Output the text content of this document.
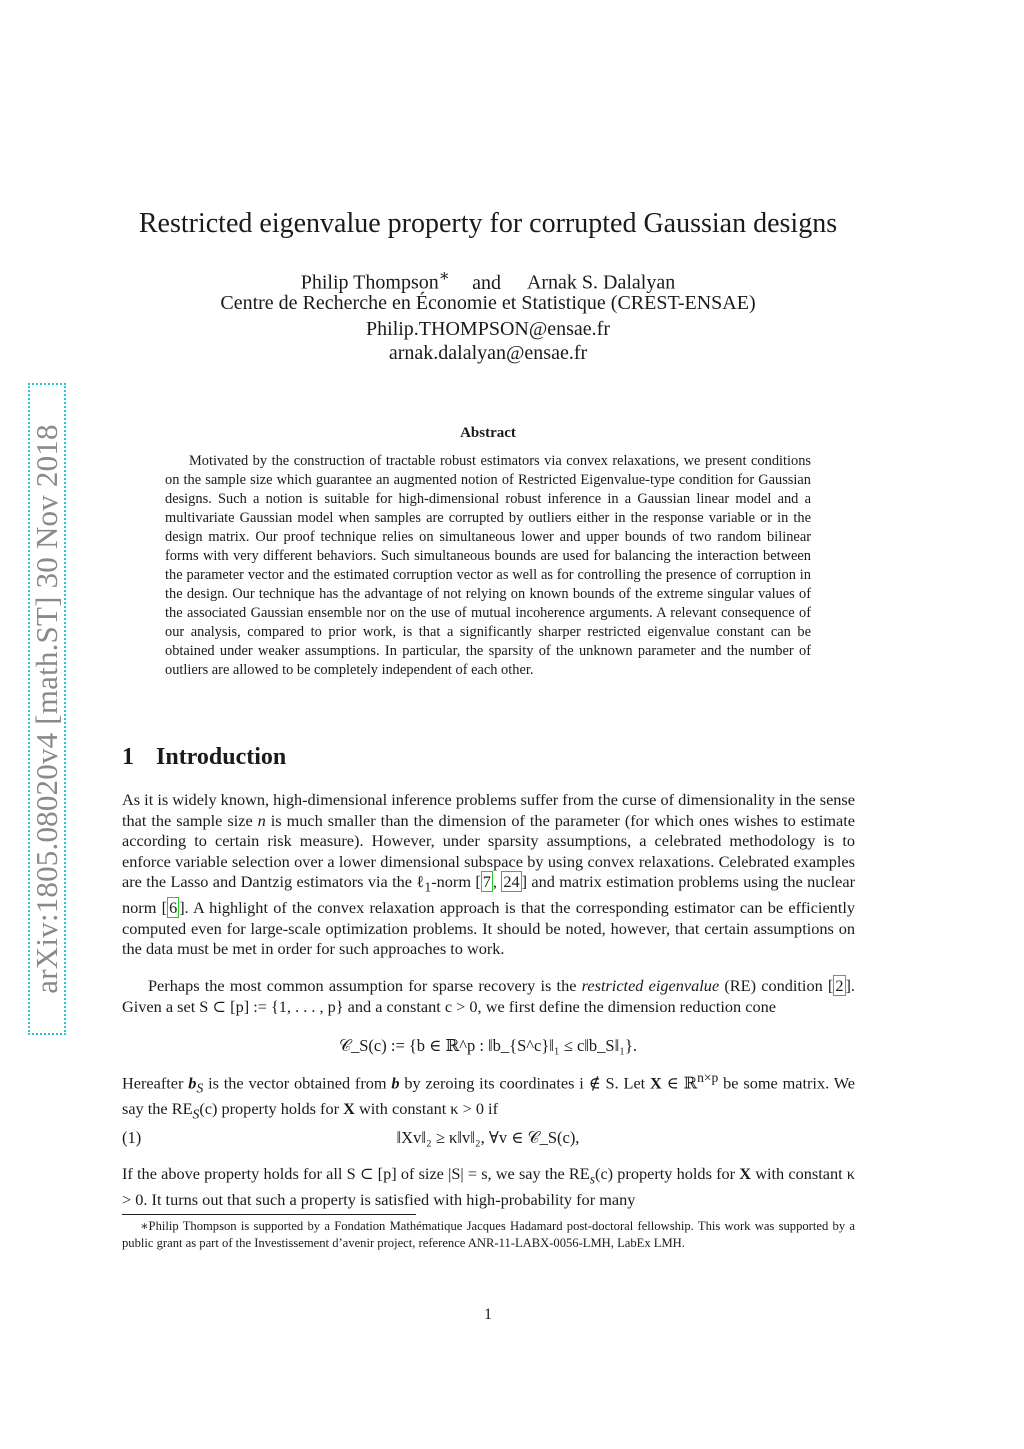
arXiv:1805.08020v4 [math.ST] 30 Nov 2018
Restricted eigenvalue property for corrupted Gaussian designs
Philip Thompson∗ and Arnak S. Dalalyan
Centre de Recherche en Économie et Statistique (CREST-ENSAE)
Philip.THOMPSON@ensae.fr
arnak.dalalyan@ensae.fr
Abstract
Motivated by the construction of tractable robust estimators via convex relaxations, we present conditions on the sample size which guarantee an augmented notion of Restricted Eigenvalue-type condition for Gaussian designs. Such a notion is suitable for high-dimensional robust inference in a Gaussian linear model and a multivariate Gaussian model when samples are corrupted by outliers either in the response variable or in the design matrix. Our proof technique relies on simultaneous lower and upper bounds of two random bilinear forms with very different behaviors. Such simultaneous bounds are used for balancing the interaction between the parameter vector and the estimated corruption vector as well as for controlling the presence of corruption in the design. Our technique has the advantage of not relying on known bounds of the extreme singular values of the associated Gaussian ensemble nor on the use of mutual incoherence arguments. A relevant consequence of our analysis, compared to prior work, is that a significantly sharper restricted eigenvalue constant can be obtained under weaker assumptions. In particular, the sparsity of the unknown parameter and the number of outliers are allowed to be completely independent of each other.
1 Introduction
As it is widely known, high-dimensional inference problems suffer from the curse of dimensionality in the sense that the sample size n is much smaller than the dimension of the parameter (for which ones wishes to estimate according to certain risk measure). However, under sparsity assumptions, a celebrated methodology is to enforce variable selection over a lower dimensional subspace by using convex relaxations. Celebrated examples are the Lasso and Dantzig estimators via the ℓ$_1$-norm [ 7 , 24 ] and matrix estimation problems using the nuclear norm [ 6 ]. A highlight of the convex relaxation approach is that the corresponding estimator can be efficiently computed even for large-scale optimization problems. It should be noted, however, that certain assumptions on the data must be met in order for such approaches to work.
Perhaps the most common assumption for sparse recovery is the restricted eigenvalue (RE) condition [ 2 ]. Given a set S ⊂ [p] := {1, . . . , p} and a constant c > 0, we first define the dimension reduction cone
𝒞_S(c) := {b ∈ ℝ^p : ‖b_{S^c}‖₁ ≤ c‖b_S‖₁}.
Hereafter $b_S$ is the vector obtained from b by zeroing its coordinates i ∉ S. Let X ∈ ℝ$^{n\times p}$ be some matrix. We say the $RE_S(c)$ property holds for X with constant κ > 0 if
(1)	‖Xv‖₂ ≥ κ‖v‖₂, ∀v ∈ 𝒞_S(c),
If the above property holds for all S ⊂ [p] of size |S| = s, we say the $RE_s(c)$ property holds for X with constant κ > 0. It turns out that such a property is satisfied with high-probability for many
∗Philip Thompson is supported by a Fondation Mathématique Jacques Hadamard post-doctoral fellowship. This work was supported by a public grant as part of the Investissement d’avenir project, reference ANR-11-LABX-0056-LMH, LabEx LMH.
1
